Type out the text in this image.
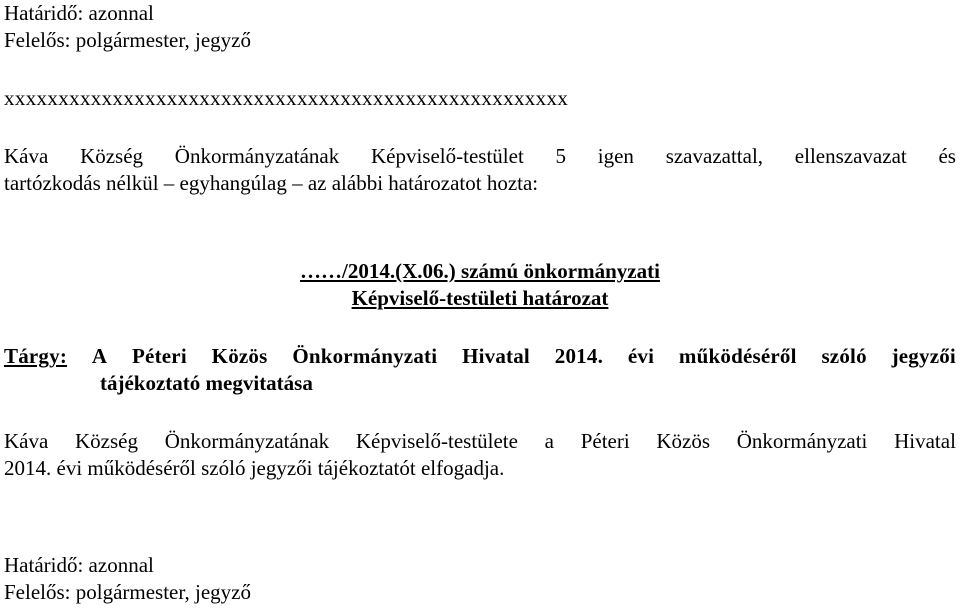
Határidő: azonnal
Felelős: polgármester, jegyző
xxxxxxxxxxxxxxxxxxxxxxxxxxxxxxxxxxxxxxxxxxxxxxxxxxxx
Káva Község Önkormányzatának Képviselő-testület 5 igen szavazattal, ellenszavazat és
tartózkodás nélkül – egyhangúlag – az alábbi határozatot hozta:
……/2014.(X.06.) számú önkormányzati
Képviselő-testületi határozat
Tárgy: A Péteri Közös Önkormányzati Hivatal 2014. évi működéséről szóló jegyzői
tájékoztató megvitatása
Káva Község Önkormányzatának Képviselő-testülete a Péteri Közös Önkormányzati Hivatal
2014. évi működéséről szóló jegyzői tájékoztatót elfogadja.
Határidő: azonnal
Felelős: polgármester, jegyző
